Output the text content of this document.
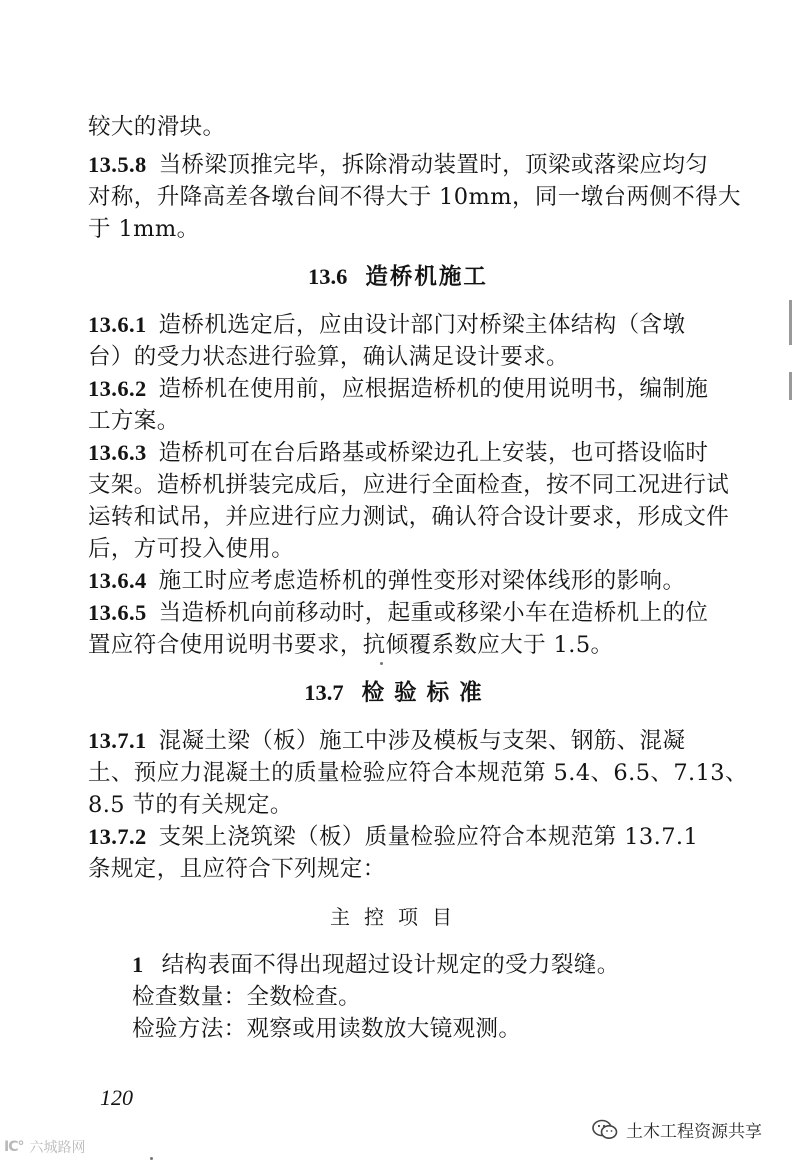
较大的滑块。
13.5.8 当桥梁顶推完毕，拆除滑动装置时，顶梁或落梁应均匀
对称，升降高差各墩台间不得大于 10mm，同一墩台两侧不得大
于 1mm。
13.6 造桥机施工
13.6.1 造桥机选定后，应由设计部门对桥梁主体结构（含墩
台）的受力状态进行验算，确认满足设计要求。
13.6.2 造桥机在使用前，应根据造桥机的使用说明书，编制施
工方案。
13.6.3 造桥机可在台后路基或桥梁边孔上安装，也可搭设临时
支架。造桥机拼装完成后，应进行全面检查，按不同工况进行试
运转和试吊，并应进行应力测试，确认符合设计要求，形成文件
后，方可投入使用。
13.6.4 施工时应考虑造桥机的弹性变形对梁体线形的影响。
13.6.5 当造桥机向前移动时，起重或移梁小车在造桥机上的位
置应符合使用说明书要求，抗倾覆系数应大于 1.5。
13.7 检验标准
13.7.1 混凝土梁（板）施工中涉及模板与支架、钢筋、混凝
土、预应力混凝土的质量检验应符合本规范第 5.4、6.5、7.13、
8.5 节的有关规定。
13.7.2 支架上浇筑梁（板）质量检验应符合本规范第 13.7.1
条规定，且应符合下列规定：
主控项目
1 结构表面不得出现超过设计规定的受力裂缝。
检查数量：全数检查。
检验方法：观察或用读数放大镜观测。
120
土木工程资源共享
IC° 六城路网
